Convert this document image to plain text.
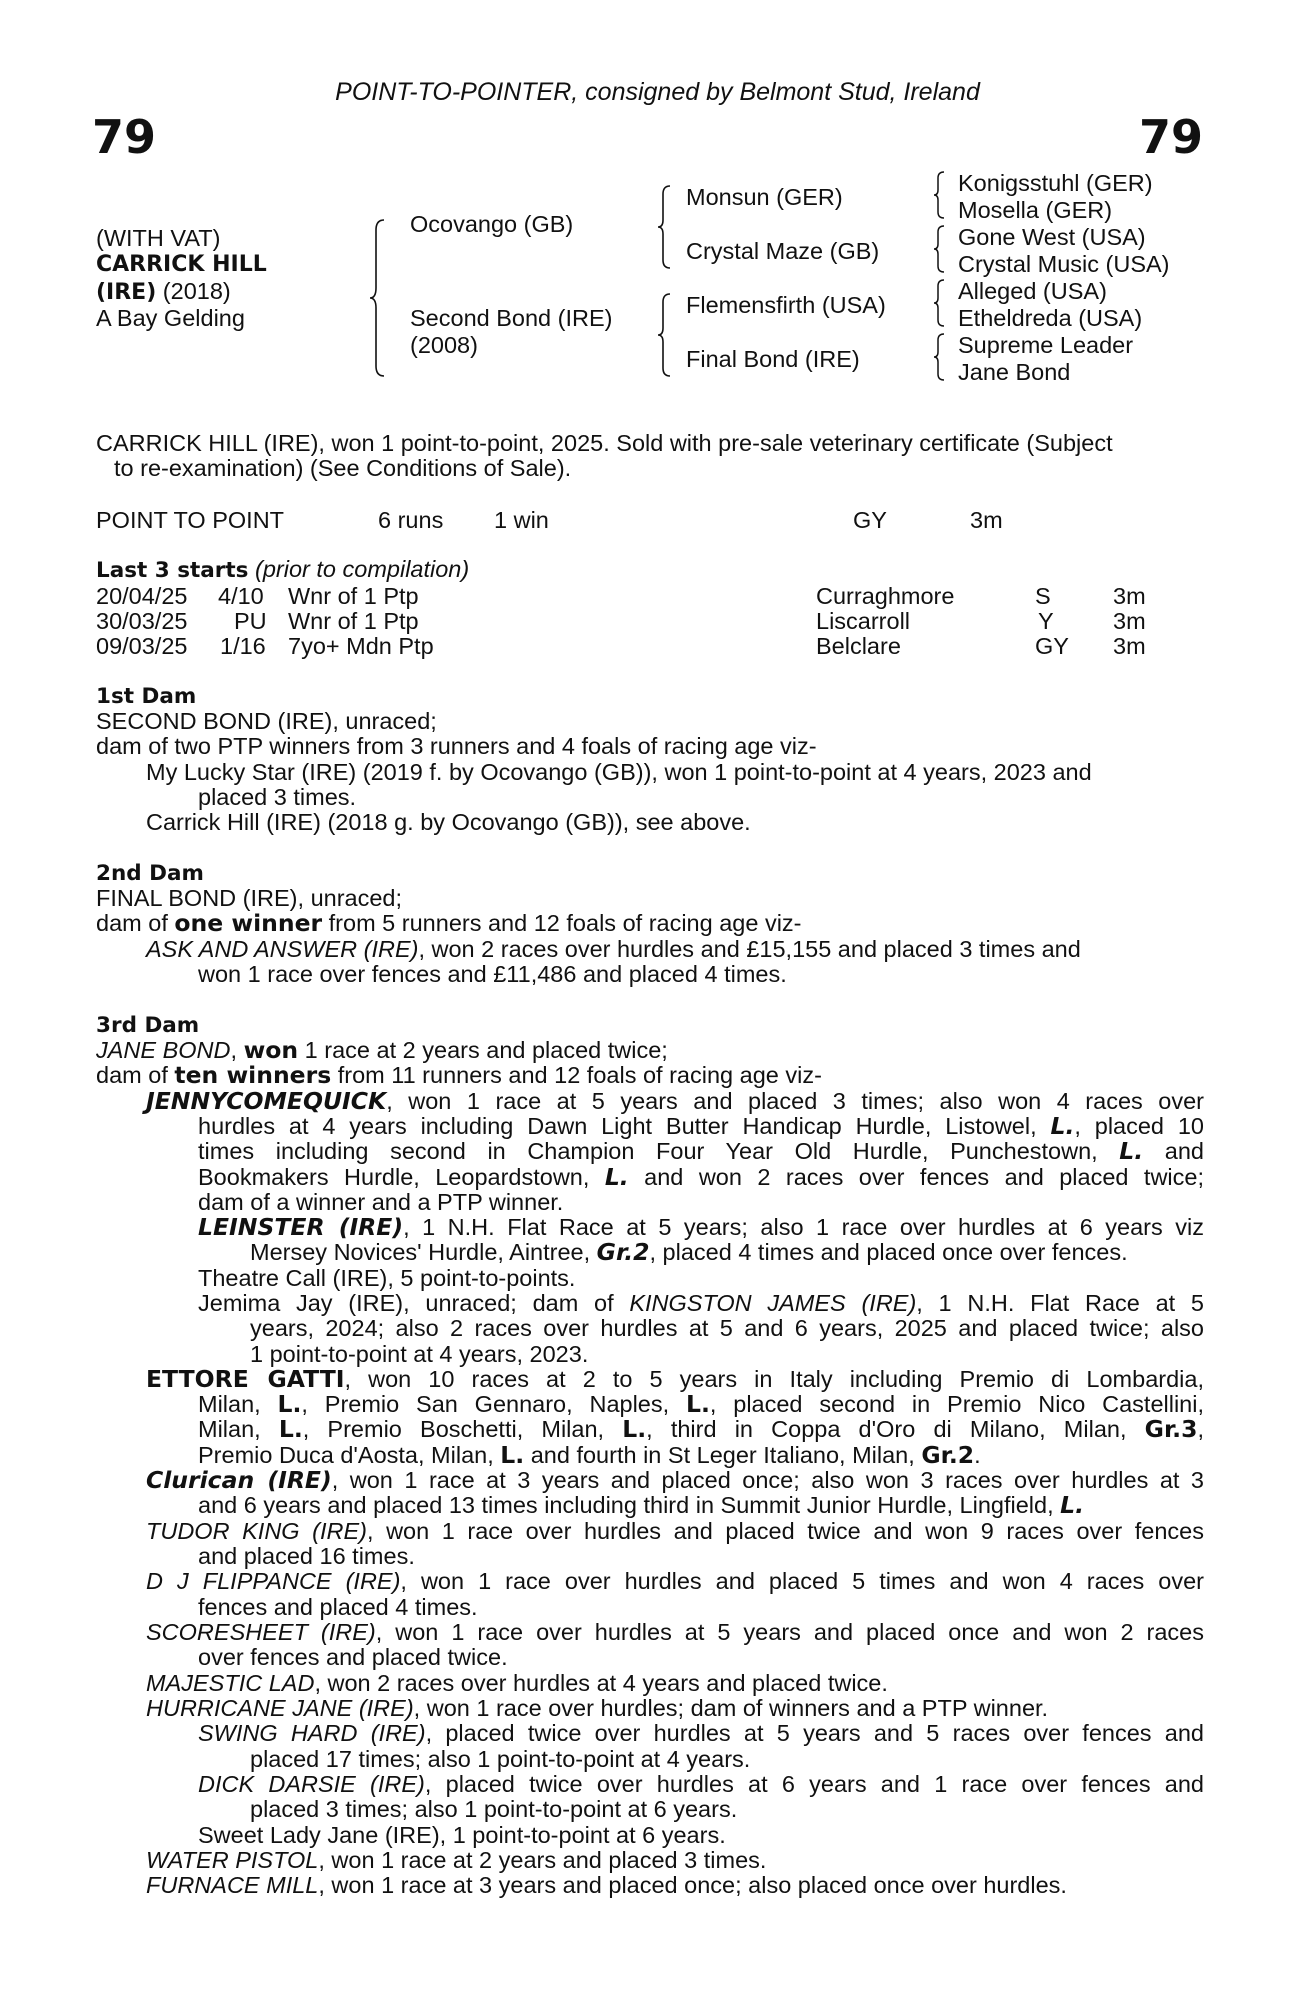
POINT-TO-POINTER, consigned by Belmont Stud, Ireland
79	79
(WITH VAT)
CARRICK HILL
(IRE) (2018)
A Bay Gelding
Ocovango (GB)
Second Bond (IRE)
(2008)
Monsun (GER)
Crystal Maze (GB)
Flemensfirth (USA)
Final Bond (IRE)
Konigsstuhl (GER)
Mosella (GER)
Gone West (USA)
Crystal Music (USA)
Alleged (USA)
Etheldreda (USA)
Supreme Leader
Jane Bond
CARRICK HILL (IRE), won 1 point-to-point, 2025. Sold with pre-sale veterinary certificate (Subject
to re-examination) (See Conditions of Sale).
POINT TO POINT	6 runs 1 win	GY	3m
Last 3 starts (prior to compilation)
20/04/25 4/10 Wnr of 1 Ptp	Curraghmore	S	3m
30/03/25 PU Wnr of 1 Ptp	Liscarroll	Y	3m
09/03/25 1/16 7yo+ Mdn Ptp	Belclare	GY 3m
1st Dam
SECOND BOND (IRE), unraced;
dam of two PTP winners from 3 runners and 4 foals of racing age viz-
My Lucky Star (IRE) (2019 f. by Ocovango (GB)), won 1 point-to-point at 4 years, 2023 and
placed 3 times.
Carrick Hill (IRE) (2018 g. by Ocovango (GB)), see above.
2nd Dam
FINAL BOND (IRE), unraced;
dam of one winner from 5 runners and 12 foals of racing age viz-
ASK AND ANSWER (IRE), won 2 races over hurdles and £15,155 and placed 3 times and
won 1 race over fences and £11,486 and placed 4 times.
3rd Dam
JANE BOND, won 1 race at 2 years and placed twice;
dam of ten winners from 11 runners and 12 foals of racing age viz-
JENNYCOMEQUICK, won 1 race at 5 years and placed 3 times; also won 4 races over
hurdles at 4 years including Dawn Light Butter Handicap Hurdle, Listowel, L., placed 10
times including second in Champion Four Year Old Hurdle, Punchestown, L. and
Bookmakers Hurdle, Leopardstown, L. and won 2 races over fences and placed twice;
dam of a winner and a PTP winner.
LEINSTER (IRE), 1 N.H. Flat Race at 5 years; also 1 race over hurdles at 6 years viz
Mersey Novices' Hurdle, Aintree, Gr.2, placed 4 times and placed once over fences.
Theatre Call (IRE), 5 point-to-points.
Jemima Jay (IRE), unraced; dam of KINGSTON JAMES (IRE), 1 N.H. Flat Race at 5
years, 2024; also 2 races over hurdles at 5 and 6 years, 2025 and placed twice; also
1 point-to-point at 4 years, 2023.
ETTORE GATTI, won 10 races at 2 to 5 years in Italy including Premio di Lombardia,
Milan, L., Premio San Gennaro, Naples, L., placed second in Premio Nico Castellini,
Milan, L., Premio Boschetti, Milan, L., third in Coppa d'Oro di Milano, Milan, Gr.3,
Premio Duca d'Aosta, Milan, L. and fourth in St Leger Italiano, Milan, Gr.2.
Clurican (IRE), won 1 race at 3 years and placed once; also won 3 races over hurdles at 3
and 6 years and placed 13 times including third in Summit Junior Hurdle, Lingfield, L.
TUDOR KING (IRE), won 1 race over hurdles and placed twice and won 9 races over fences
and placed 16 times.
D J FLIPPANCE (IRE), won 1 race over hurdles and placed 5 times and won 4 races over
fences and placed 4 times.
SCORESHEET (IRE), won 1 race over hurdles at 5 years and placed once and won 2 races
over fences and placed twice.
MAJESTIC LAD, won 2 races over hurdles at 4 years and placed twice.
HURRICANE JANE (IRE), won 1 race over hurdles; dam of winners and a PTP winner.
SWING HARD (IRE), placed twice over hurdles at 5 years and 5 races over fences and
placed 17 times; also 1 point-to-point at 4 years.
DICK DARSIE (IRE), placed twice over hurdles at 6 years and 1 race over fences and
placed 3 times; also 1 point-to-point at 6 years.
Sweet Lady Jane (IRE), 1 point-to-point at 6 years.
WATER PISTOL, won 1 race at 2 years and placed 3 times.
FURNACE MILL, won 1 race at 3 years and placed once; also placed once over hurdles.
